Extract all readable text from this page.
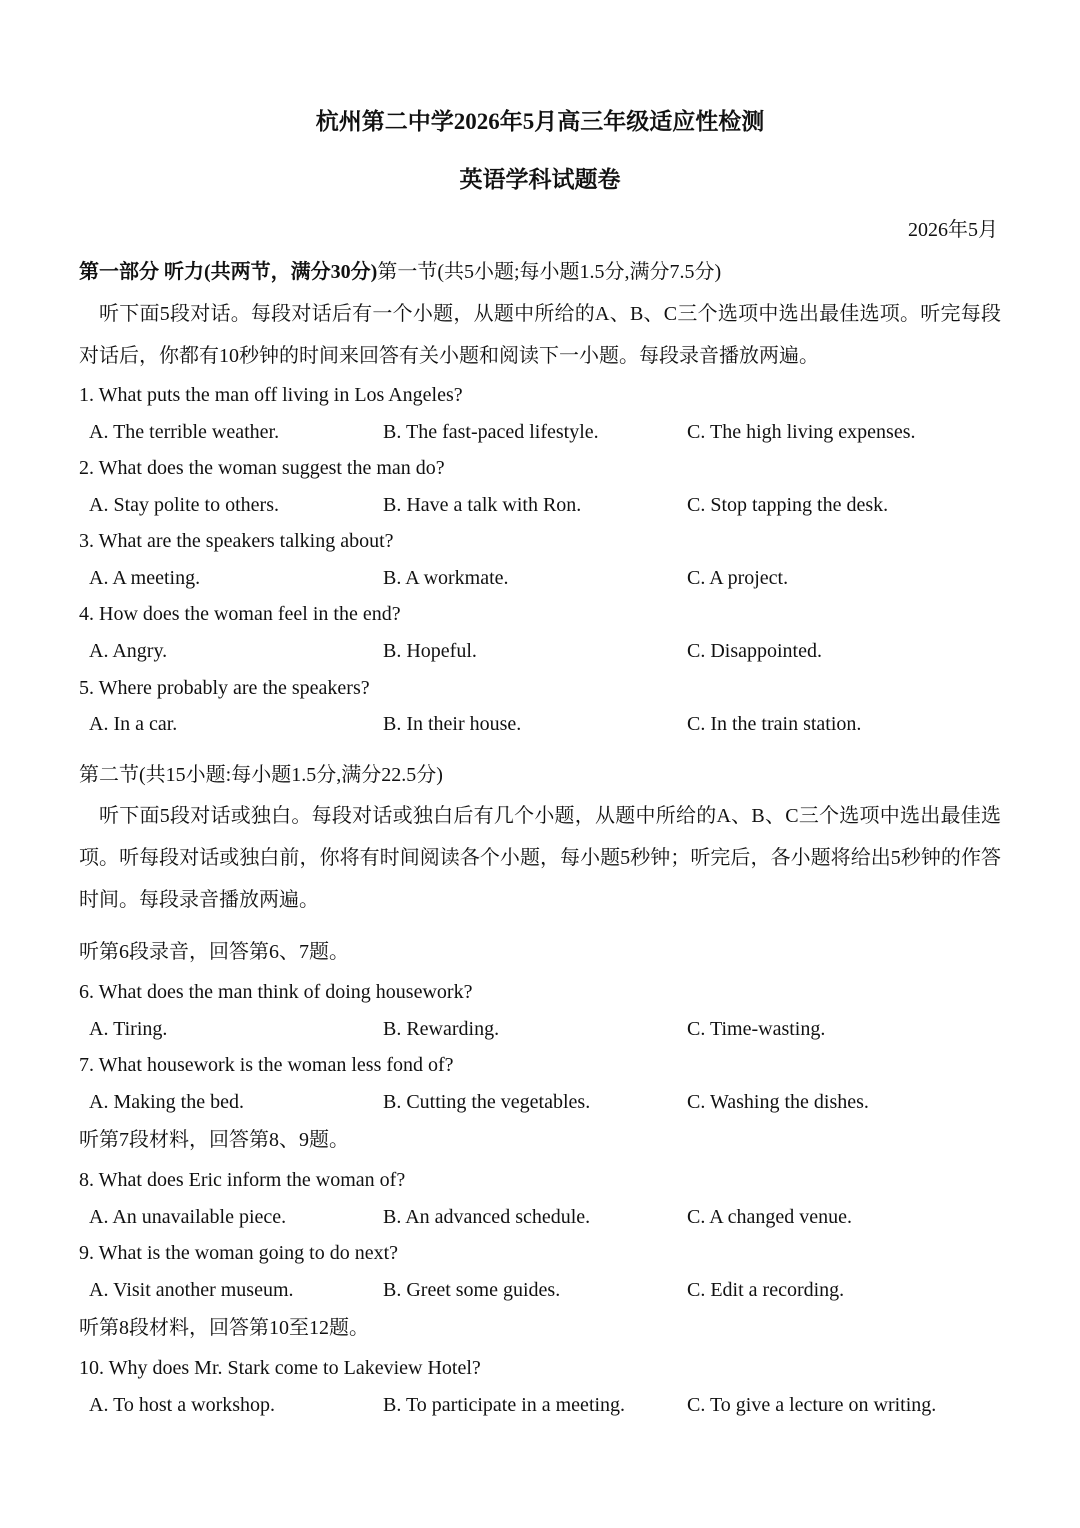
杭州第二中学2026年5月高三年级适应性检测
英语学科试题卷
2026年5月
第一部分 听力(共两节，满分30分)第一节(共5小题;每小题1.5分,满分7.5分)
听下面5段对话。每段对话后有一个小题，从题中所给的A、B、C三个选项中选出最佳选项。听完每段对话后，你都有10秒钟的时间来回答有关小题和阅读下一小题。每段录音播放两遍。
1. What puts the man off living in Los Angeles?
A. The terrible weather.	B. The fast-paced lifestyle.	C. The high living expenses.
2. What does the woman suggest the man do?
A. Stay polite to others.	B. Have a talk with Ron.	C. Stop tapping the desk.
3. What are the speakers talking about?
A. A meeting.	B. A workmate.	C. A project.
4. How does the woman feel in the end?
A. Angry.	B. Hopeful.	C. Disappointed.
5. Where probably are the speakers?
A. In a car.	B. In their house.	C. In the train station.
第二节(共15小题:每小题1.5分,满分22.5分)
听下面5段对话或独白。每段对话或独白后有几个小题，从题中所给的A、B、C三个选项中选出最佳选项。听每段对话或独白前，你将有时间阅读各个小题，每小题5秒钟；听完后，各小题将给出5秒钟的作答时间。每段录音播放两遍。
听第6段录音，回答第6、7题。
6. What does the man think of doing housework?
A. Tiring.	B. Rewarding.	C. Time-wasting.
7. What housework is the woman less fond of?
A. Making the bed.	B. Cutting the vegetables.	C. Washing the dishes.
听第7段材料，回答第8、9题。
8. What does Eric inform the woman of?
A. An unavailable piece.	B. An advanced schedule.	C. A changed venue.
9. What is the woman going to do next?
A. Visit another museum.	B. Greet some guides.	C. Edit a recording.
听第8段材料，回答第10至12题。
10. Why does Mr. Stark come to Lakeview Hotel?
A. To host a workshop.	B. To participate in a meeting.	C. To give a lecture on writing.
